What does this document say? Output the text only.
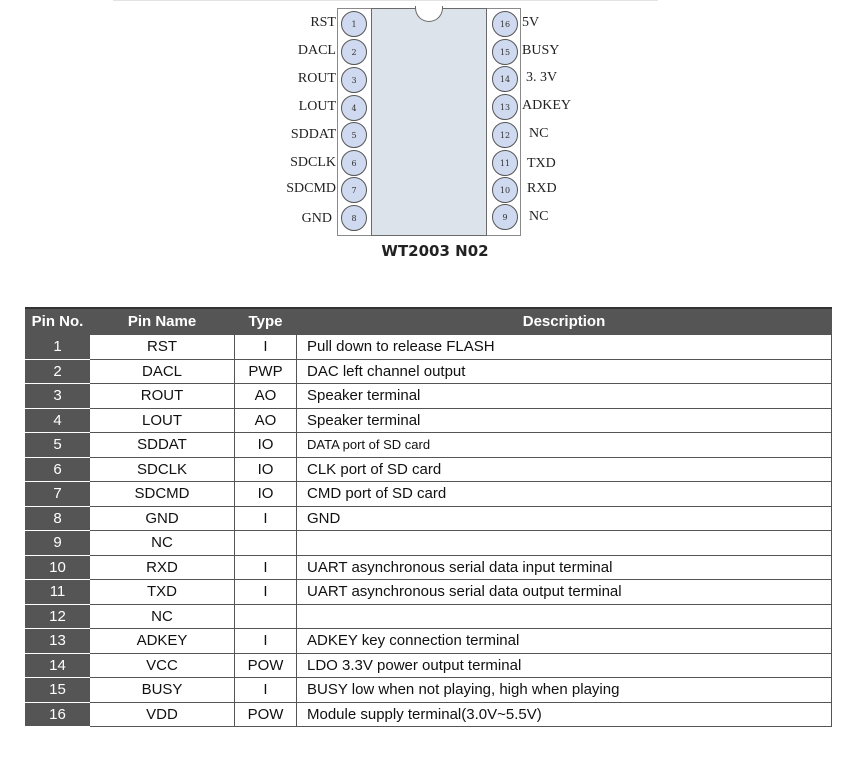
1
2
3
4
5
6
7
8
RST
DACL
ROUT
LOUT
SDDAT
SDCLK
SDCMD
GND
16
15
14
13
12
11
10
9
5V
BUSY
3. 3V
ADKEY
NC
TXD
RXD
NC
WT2003 N02
Pin No.	Pin Name	Type	Description
1	RST	I	Pull down to release FLASH
2	DACL	PWP	DAC left channel output
3	ROUT	AO	Speaker terminal
4	LOUT	AO	Speaker terminal
5	SDDAT	IO	DATA port of SD card
6	SDCLK	IO	CLK port of SD card
7	SDCMD	IO	CMD port of SD card
8	GND	I	GND
9	NC		
10	RXD	I	UART asynchronous serial data input terminal
11	TXD	I	UART asynchronous serial data output terminal
12	NC		
13	ADKEY	I	ADKEY key connection terminal
14	VCC	POW	LDO 3.3V power output terminal
15	BUSY	I	BUSY low when not playing, high when playing
16	VDD	POW	Module supply terminal(3.0V~5.5V)
